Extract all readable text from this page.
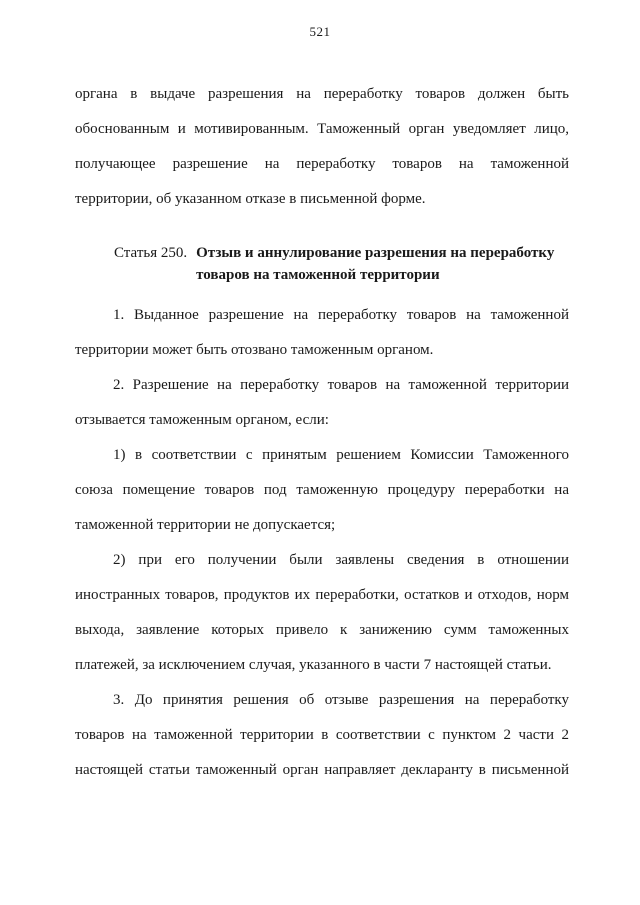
521
органа в выдаче разрешения на переработку товаров должен быть
обоснованным и мотивированным. Таможенный орган уведомляет лицо,
получающее разрешение на переработку товаров на таможенной
территории, об указанном отказе в письменной форме.
Статья 250. Отзыв и аннулирование разрешения на переработку
товаров на таможенной территории
1. Выданное разрешение на переработку товаров на таможенной
территории может быть отозвано таможенным органом.
2. Разрешение на переработку товаров на таможенной территории
отзывается таможенным органом, если:
1) в соответствии с принятым решением Комиссии Таможенного
союза помещение товаров под таможенную процедуру переработки на
таможенной территории не допускается;
2) при его получении были заявлены сведения в отношении
иностранных товаров, продуктов их переработки, остатков и отходов, норм
выхода, заявление которых привело к занижению сумм таможенных
платежей, за исключением случая, указанного в части 7 настоящей статьи.
3. До принятия решения об отзыве разрешения на переработку
товаров на таможенной территории в соответствии с пунктом 2 части 2
настоящей статьи таможенный орган направляет декларанту в письменной
